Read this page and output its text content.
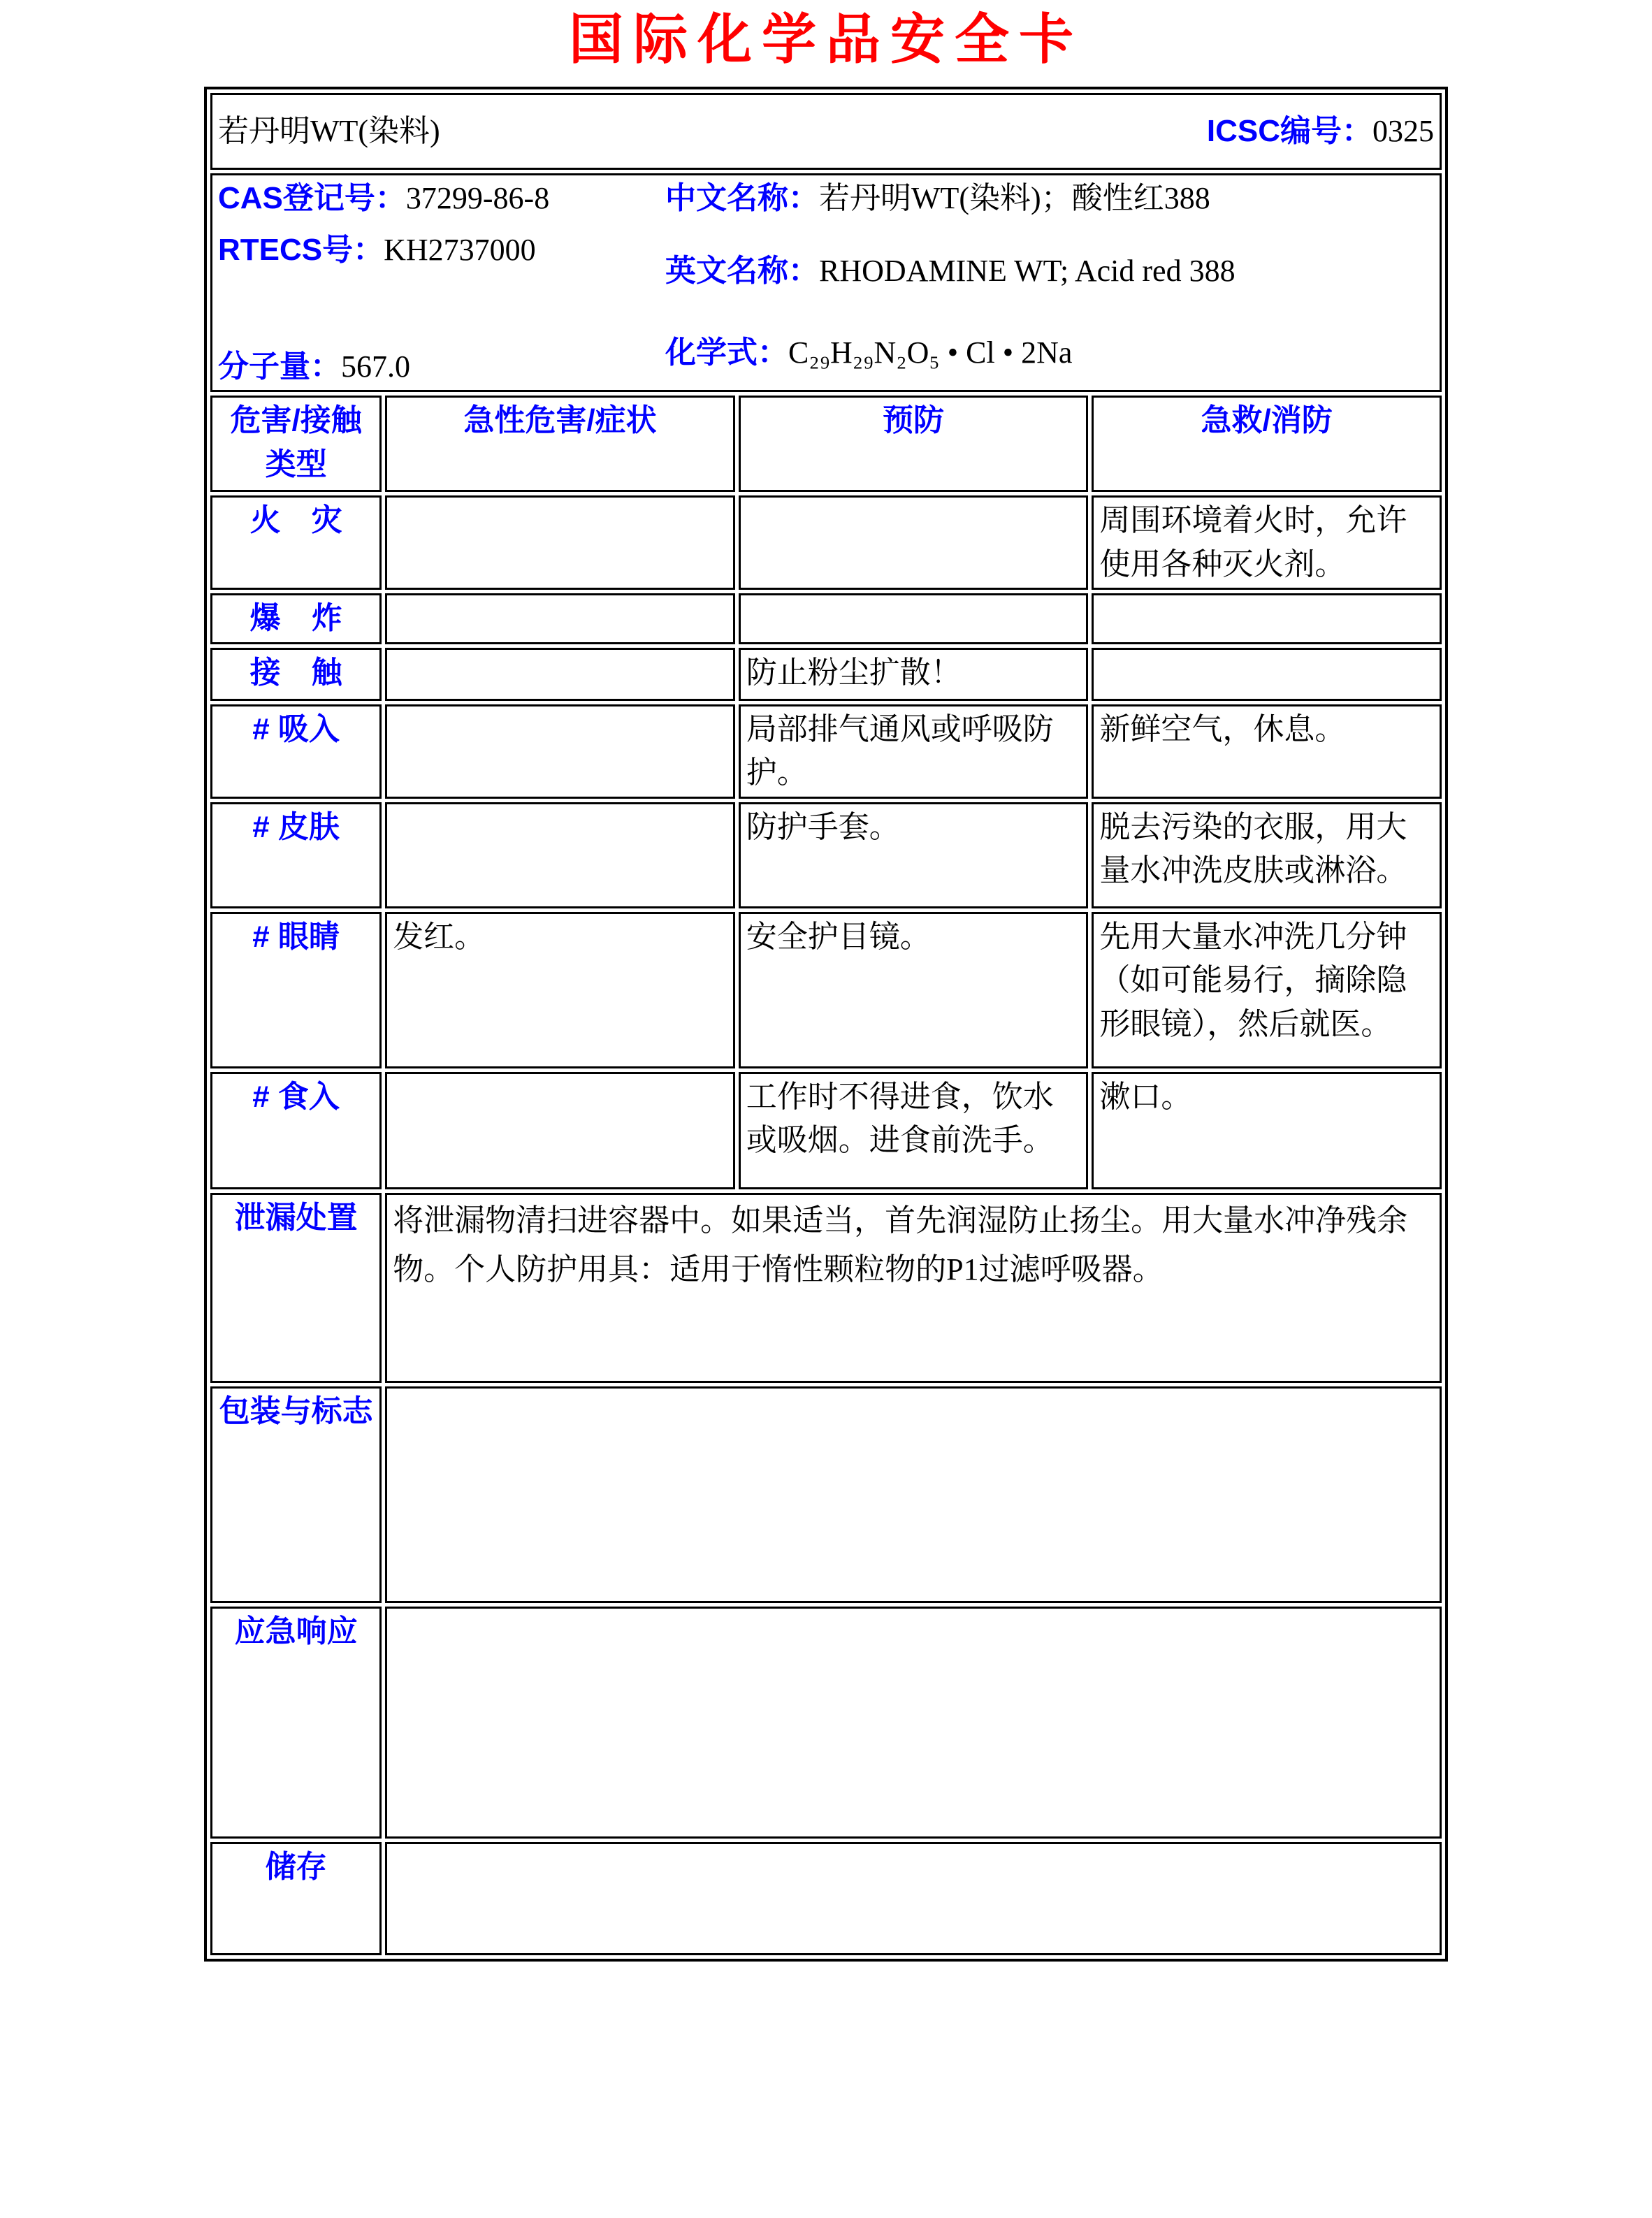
国际化学品安全卡
若丹明WT(染料) ICSC编号：0325			

CAS登记号：37299-86-8
RTECS号：KH2737000
分子量：567.0
中文名称：若丹明WT(染料)；酸性红388
英文名称：RHODAMINE WT; Acid red 388
化学式：C₂₉H₂₉N₂O₅ • Cl • 2Na

危害/接触类型	急性危害/症状	预防	急救/消防
火　灾			周围环境着火时，允许使用各种灭火剂。
爆　炸			
接　触		防止粉尘扩散！	
# 吸入		局部排气通风或呼吸防护。	新鲜空气，休息。
# 皮肤		防护手套。	脱去污染的衣服，用大量水冲洗皮肤或淋浴。
# 眼睛	发红。	安全护目镜。	先用大量水冲洗几分钟（如可能易行，摘除隐形眼镜），然后就医。
# 食入		工作时不得进食，饮水或吸烟。进食前洗手。	漱口。
泄漏处置	将泄漏物清扫进容器中。如果适当，首先润湿防止扬尘。用大量水冲净残余物。个人防护用具：适用于惰性颗粒物的P1过滤呼吸器。		
包装与标志			
应急响应			
储存			
